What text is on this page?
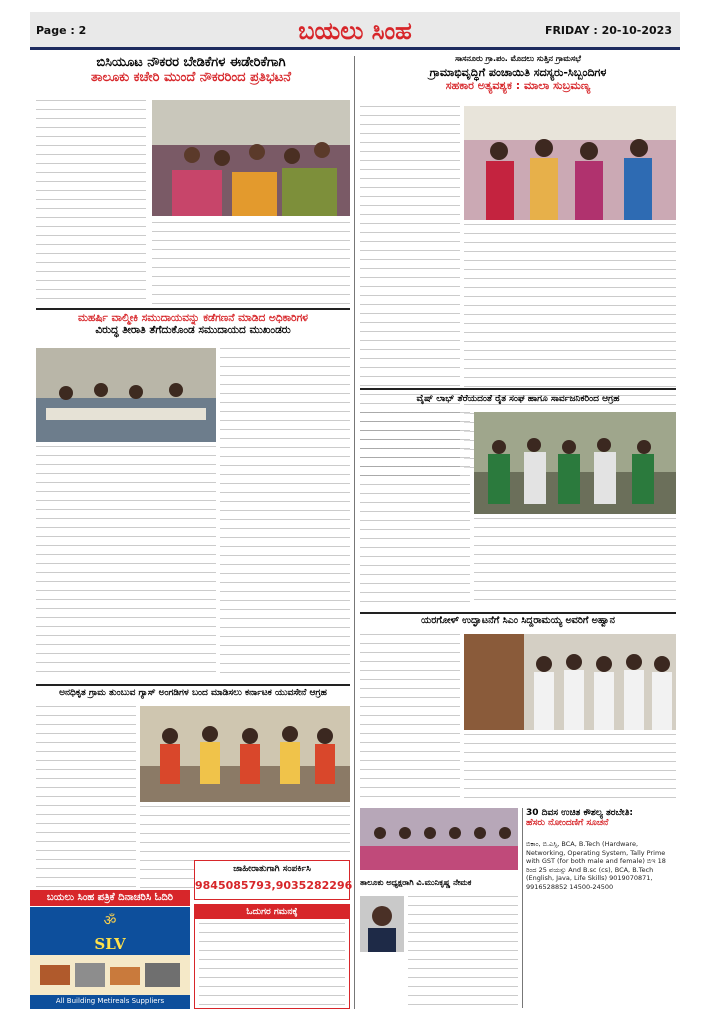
Page : 2	ಬಯಲು ಸಿಂಹ	FRIDAY : 20-10-2023
ಬಿಸಿಯೂಟ ನೌಕರರ ಬೇಡಿಕೆಗಳ ಈಡೇರಿಕೆಗಾಗಿ
ತಾಲೂಕು ಕಚೇರಿ ಮುಂದೆ ನೌಕರರಿಂದ ಪ್ರತಿಭಟನೆ
ಮಹರ್ಷಿ ವಾಲ್ಮೀಕಿ ಸಮುದಾಯವನ್ನು ಕಡೆಗಣನೆ ಮಾಡಿದ ಅಧಿಕಾರಿಗಳ
ವಿರುದ್ಧ ತೀರಾತಿ ತೆಗೆದುಕೊಂಡ ಸಮುದಾಯದ ಮುಖಂಡರು
ಅನಧಿಕೃತ ಗ್ರಾಮ ತುಂಬುವ ಗ್ಯಾಸ್ ಅಂಗಡಿಗಳ ಬಂದ ಮಾಡಿಸಲು ಕರ್ನಾಟಕ ಯುವಸೇನೆ ಆಗ್ರಹ
ಬಯಲು ಸಿಂಹ ಪತ್ರಿಕೆ ದಿನಾಚರಿಸಿ ಓದಿರಿ
ॐ
SLV
All Building Metireals Suppliers
ಜಾಹೀರಾತುಗಾಗಿ ಸಂಪರ್ಕಿಸಿ
9845085793,9035282296
ಓದುಗರ ಗಮನಕ್ಕೆ
ಸಾಸನೂರು ಗ್ರಾ.ಪಂ. ಮೊದಲು ಸುತ್ತಿನ ಗ್ರಾಮಸಭೆ
ಗ್ರಾಮಾಭಿವೃದ್ಧಿಗೆ ಪಂಚಾಯಿತಿ ಸದಸ್ಯರು-ಸಿಬ್ಬಂದಿಗಳ
ಸಹಕಾರ ಅತ್ಯವಶ್ಯಕ : ಮಾಲಾ ಸುಬ್ರಮಣ್ಯ
ವೈಷ್ ಲಾಭ್ ತೆರೆಯದಂತೆ ರೈತ ಸಂಘ ಹಾಗೂ ಸಾರ್ವಜನಿಕರಿಂದ ಆಗ್ರಹ
ಯರಗೋಳ್ ಉದ್ಘಾಟನೆಗೆ ಸಿಎಂ ಸಿದ್ದರಾಮಯ್ಯ ಅವರಿಗೆ ಅಹ್ವಾನ
30 ದಿವಸ ಉಚಿತ ಕೌಶಲ್ಯ ತರಬೇತಿ:
ಹೆಸರು ನೋಂದಣಿಗೆ ಸೂಚನೆ
ಬಿಕಾಂ, ಬಿ.ಎಸ್ಸಿ, BCA, B.Tech (Hardware, Networking, Operating System, Tally Prime with GST (for both male and female) ಬಿಇ 18 ರಿಂದ 25 ವಯಸ್ಸು And B.sc (cs), BCA, B.Tech (English, Java, Life Skills) 9019070871, 9916528852 14500-24500
ತಾಲೂಕು ಅಧ್ಯಕ್ಷರಾಗಿ ವಿ.ಮುನಿಕೃಷ್ಣ ನೇಮಕ
